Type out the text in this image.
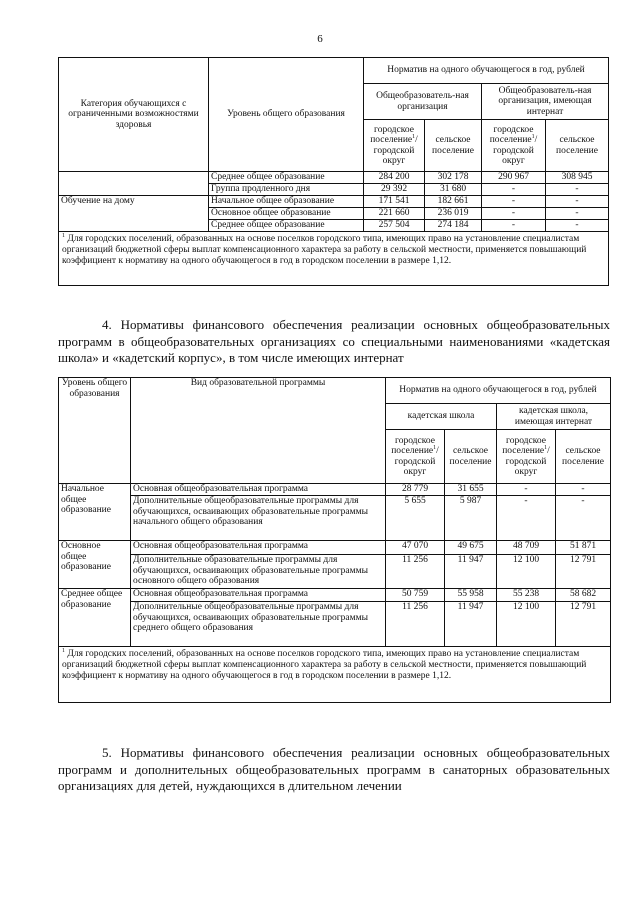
6
Категория обучающихся с ограниченными возможностями здоровья	Уровень общего образования	Норматив на одного обучающегося в год, рублей			
		Общеобразователь-ная организация		Общеобразователь-ная организация, имеющая интернат	
		городское поселение$^1$/ городской округ	сельское поселение	городское поселение$^1$/ городской округ	сельское поселение
	Среднее общее образование	284 200	302 178	290 967	308 945
	Группа продленного дня	29 392	31 680	-	-
Обучение на дому	Начальное общее образование	171 541	182 661	-	-
	Основное общее образование	221 660	236 019	-	-
	Среднее общее образование	257 504	274 184	-	-
$^1$ Для городских поселений, образованных на основе поселков городского типа, имеющих право на установление специалистам организаций бюджетной сферы выплат компенсационного характера за работу в сельской местности, применяется повышающий коэффициент к нормативу на одного обучающегося в год в городском поселении в размере 1,12.					

4. Нормативы финансового обеспечения реализации основных общеобразовательных программ в общеобразовательных организациях со специальными наименованиями «кадетская школа» и «кадетский корпус», в том числе имеющих интернат

Уровень общего образования	Вид образовательной программы	Норматив на одного обучающегося в год, рублей			
		кадетская школа		кадетская школа, имеющая интернат	
		городское поселение$^1$/ городской округ	сельское поселение	городское поселение$^1$/ городской округ	сельское поселение
Начальное общее образование	Основная общеобразовательная программа	28 779	31 655	-	-
	Дополнительные общеобразовательные программы для обучающихся, осваивающих образовательные программы начального общего образования	5 655	5 987	-	-
Основное общее образование	Основная общеобразовательная программа	47 070	49 675	48 709	51 871
	Дополнительные образовательные программы для обучающихся, осваивающих образовательные программы основного общего образования	11 256	11 947	12 100	12 791
Среднее общее образование	Основная общеобразовательная программа	50 759	55 958	55 238	58 682
	Дополнительные общеобразовательные программы для обучающихся, осваивающих образовательные программы среднего общего образования	11 256	11 947	12 100	12 791
$^1$ Для городских поселений, образованных на основе поселков городского типа, имеющих право на установление специалистам организаций бюджетной сферы выплат компенсационного характера за работу в сельской местности, применяется повышающий коэффициент к нормативу на одного обучающегося в год в городском поселении в размере 1,12.					

5. Нормативы финансового обеспечения реализации основных общеобразовательных программ и дополнительных общеобразовательных программ в санаторных образовательных организациях для детей, нуждающихся в длительном лечении
